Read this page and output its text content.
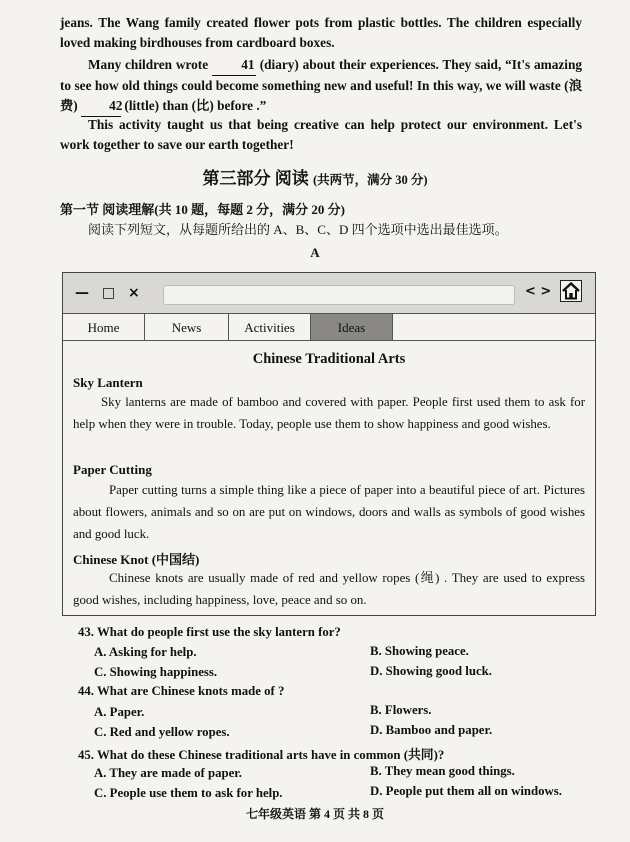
jeans. The Wang family created flower pots from plastic bottles. The children especially loved making birdhouses from cardboard boxes.

Many children wrote 41 (diary) about their experiences. They said, “It's amazing to see how old things could become something new and useful! In this way, we will waste (浪费) 42 (little) than (比) before .”

This activity taught us that being creative can help protect our environment. Let's work together to save our earth together!

第三部分 阅读 (共两节，满分 30 分)
第一节 阅读理解(共 10 题，每题 2 分，满分 20 分)
阅读下列短文，从每题所给出的 A、B、C、D 四个选项中选出最佳选项。
A
— □ ×	< >
Home	News	Activities	Ideas
Chinese Traditional Arts
Sky Lantern

Sky lanterns are made of bamboo and covered with paper. People first used them to ask for help when they were in trouble. Today, people use them to show happiness and good wishes.

Paper Cutting

Paper cutting turns a simple thing like a piece of paper into a beautiful piece of art. Pictures about flowers, animals and so on are put on windows, doors and walls as symbols of good wishes and good luck.

Chinese Knot (中国结)

Chinese knots are usually made of red and yellow ropes (绳) . They are used to express good wishes, including happiness, love, peace and so on.

43. What do people first use the sky lantern for?
A. Asking for help.	B. Showing peace.
C. Showing happiness.	D. Showing good luck.
44. What are Chinese knots made of ?
A. Paper.	B. Flowers.
C. Red and yellow ropes.	D. Bamboo and paper.
45. What do these Chinese traditional arts have in common (共同)?
A. They are made of paper.	B. They mean good things.
C. People use them to ask for help.	D. People put them all on windows.
七年级英语 第 4 页 共 8 页
